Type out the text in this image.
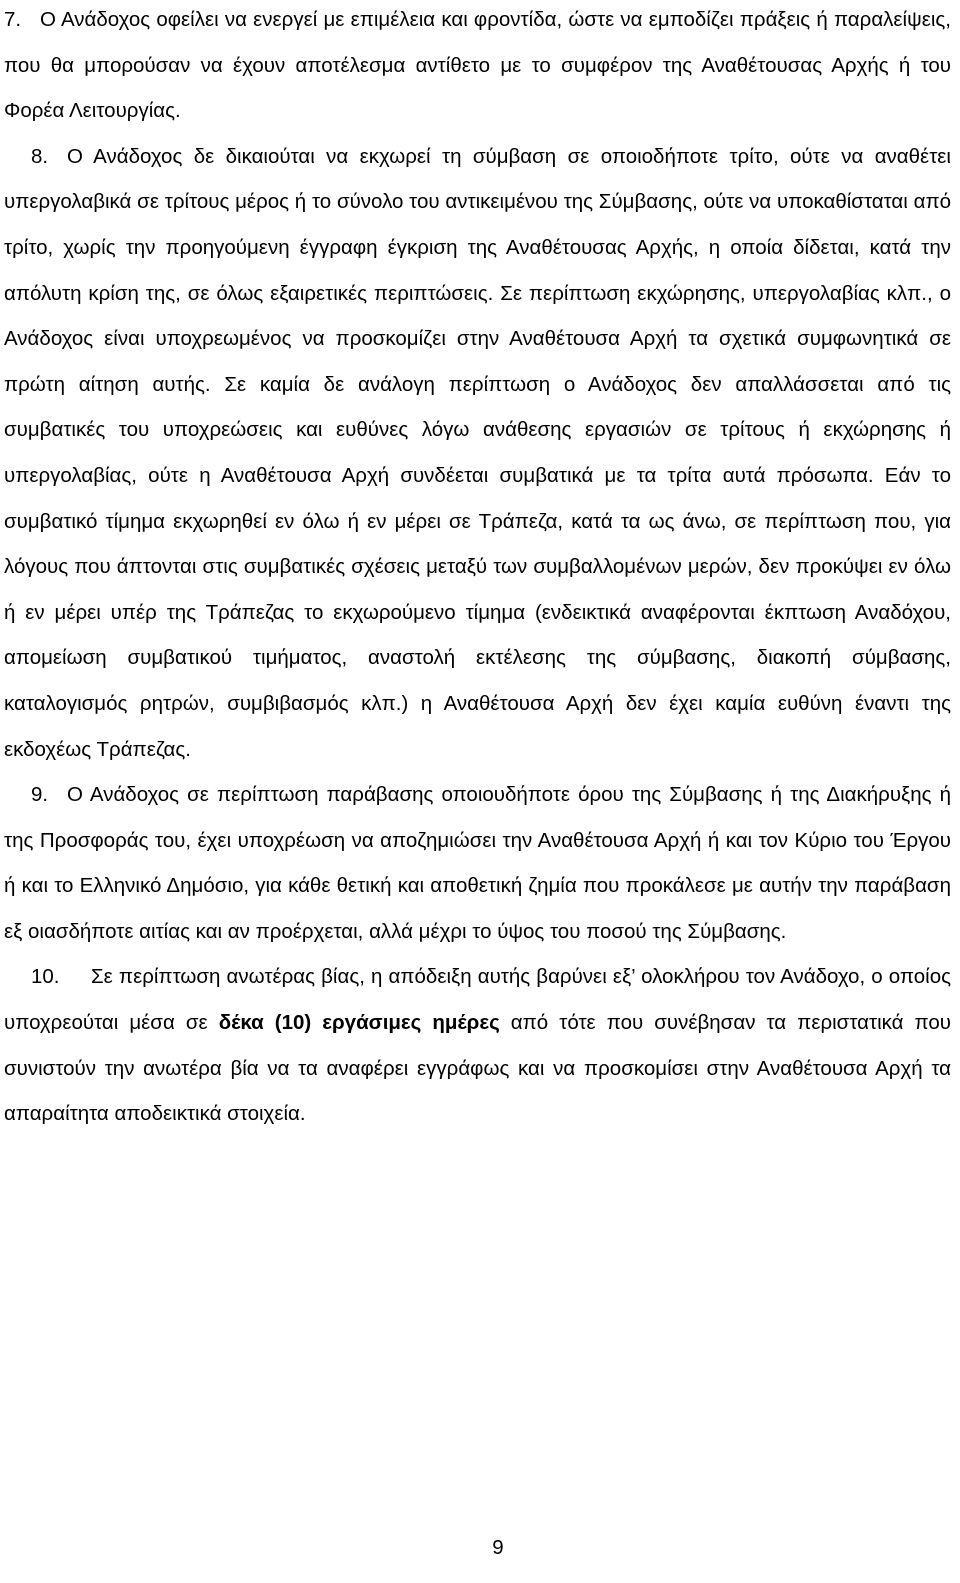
7. Ο Ανάδοχος οφείλει να ενεργεί με επιμέλεια και φροντίδα, ώστε να εμποδίζει πράξεις ή παραλείψεις, που θα μπορούσαν να έχουν αποτέλεσμα αντίθετο με το συμφέρον της Αναθέτουσας Αρχής ή του Φορέα Λειτουργίας.

8. Ο Ανάδοχος δε δικαιούται να εκχωρεί τη σύμβαση σε οποιοδήποτε τρίτο, ούτε να αναθέτει υπεργολαβικά σε τρίτους μέρος ή το σύνολο του αντικειμένου της Σύμβασης, ούτε να υποκαθίσταται από τρίτο, χωρίς την προηγούμενη έγγραφη έγκριση της Αναθέτουσας Αρχής, η οποία δίδεται, κατά την απόλυτη κρίση της, σε όλως εξαιρετικές περιπτώσεις. Σε περίπτωση εκχώρησης, υπεργολαβίας κλπ., ο Ανάδοχος είναι υποχρεωμένος να προσκομίζει στην Αναθέτουσα Αρχή τα σχετικά συμφωνητικά σε πρώτη αίτηση αυτής. Σε καμία δε ανάλογη περίπτωση ο Ανάδοχος δεν απαλλάσσεται από τις συμβατικές του υποχρεώσεις και ευθύνες λόγω ανάθεσης εργασιών σε τρίτους ή εκχώρησης ή υπεργολαβίας, ούτε η Αναθέτουσα Αρχή συνδέεται συμβατικά με τα τρίτα αυτά πρόσωπα. Εάν το συμβατικό τίμημα εκχωρηθεί εν όλω ή εν μέρει σε Τράπεζα, κατά τα ως άνω, σε περίπτωση που, για λόγους που άπτονται στις συμβατικές σχέσεις μεταξύ των συμβαλλομένων μερών, δεν προκύψει εν όλω ή εν μέρει υπέρ της Τράπεζας το εκχωρούμενο τίμημα (ενδεικτικά αναφέρονται έκπτωση Αναδόχου, απομείωση συμβατικού τιμήματος, αναστολή εκτέλεσης της σύμβασης, διακοπή σύμβασης, καταλογισμός ρητρών, συμβιβασμός κλπ.) η Αναθέτουσα Αρχή δεν έχει καμία ευθύνη έναντι της εκδοχέως Τράπεζας.

9. Ο Ανάδοχος σε περίπτωση παράβασης οποιουδήποτε όρου της Σύμβασης ή της Διακήρυξης ή της Προσφοράς του, έχει υποχρέωση να αποζημιώσει την Αναθέτουσα Αρχή ή και τον Κύριο του Έργου ή και το Ελληνικό Δημόσιο, για κάθε θετική και αποθετική ζημία που προκάλεσε με αυτήν την παράβαση εξ οιασδήποτε αιτίας και αν προέρχεται, αλλά μέχρι το ύψος του ποσού της Σύμβασης.

10. Σε περίπτωση ανωτέρας βίας, η απόδειξη αυτής βαρύνει εξ’ ολοκλήρου τον Ανάδοχο, ο οποίος υποχρεούται μέσα σε δέκα (10) εργάσιμες ημέρες από τότε που συνέβησαν τα περιστατικά που συνιστούν την ανωτέρα βία να τα αναφέρει εγγράφως και να προσκομίσει στην Αναθέτουσα Αρχή τα απαραίτητα αποδεικτικά στοιχεία.

9
